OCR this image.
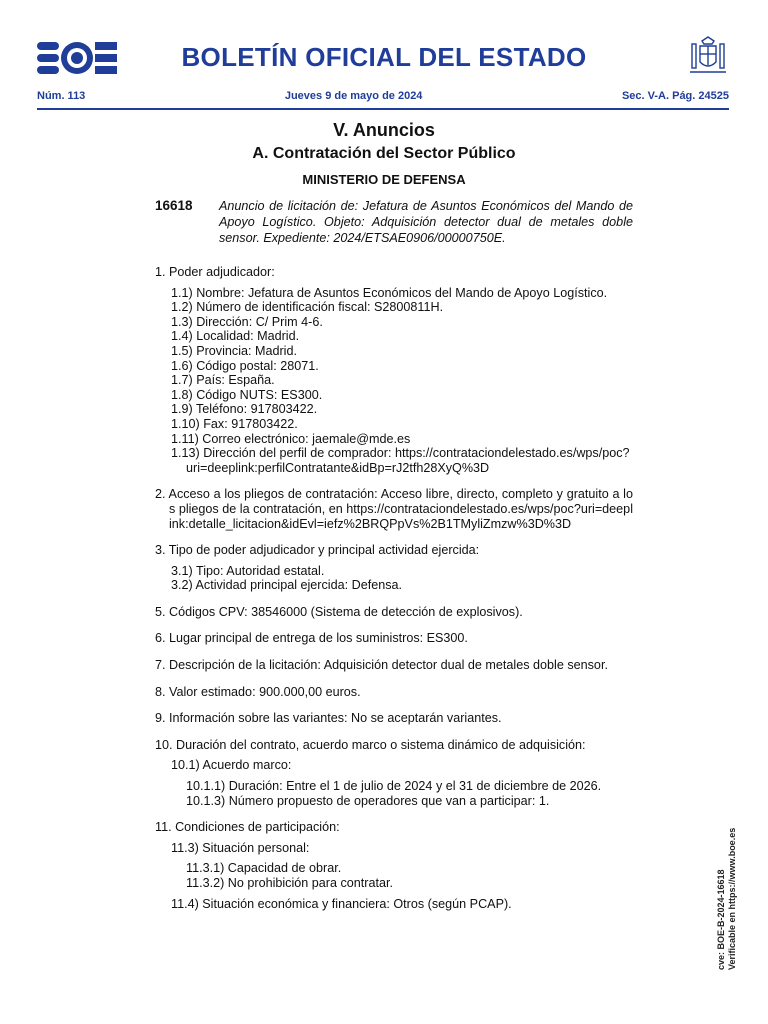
BOLETÍN OFICIAL DEL ESTADO
Núm. 113	Jueves 9 de mayo de 2024	Sec. V-A. Pág. 24525
V. Anuncios
A. Contratación del Sector Público
MINISTERIO DE DEFENSA
16618 Anuncio de licitación de: Jefatura de Asuntos Económicos del Mando de Apoyo Logístico. Objeto: Adquisición detector dual de metales doble sensor. Expediente: 2024/ETSAE0906/00000750E.
1. Poder adjudicador:
1.1) Nombre: Jefatura de Asuntos Económicos del Mando de Apoyo Logístico.
1.2) Número de identificación fiscal: S2800811H.
1.3) Dirección: C/ Prim 4-6.
1.4) Localidad: Madrid.
1.5) Provincia: Madrid.
1.6) Código postal: 28071.
1.7) País: España.
1.8) Código NUTS: ES300.
1.9) Teléfono: 917803422.
1.10) Fax: 917803422.
1.11) Correo electrónico: jaemale@mde.es
1.13) Dirección del perfil de comprador: https://contrataciondelestado.es/wps/poc?uri=deeplink:perfilContratante&idBp=rJ2tfh28XyQ%3D
2. Acceso a los pliegos de contratación: Acceso libre, directo, completo y gratuito a los pliegos de la contratación, en https://contrataciondelestado.es/wps/poc?uri=deeplink:detalle_licitacion&idEvl=iefz%2BRQPpVs%2B1TMyliZmzw%3D%3D
3. Tipo de poder adjudicador y principal actividad ejercida:
3.1) Tipo: Autoridad estatal.
3.2) Actividad principal ejercida: Defensa.
5. Códigos CPV: 38546000 (Sistema de detección de explosivos).
6. Lugar principal de entrega de los suministros: ES300.
7. Descripción de la licitación: Adquisición detector dual de metales doble sensor.
8. Valor estimado: 900.000,00 euros.
9. Información sobre las variantes: No se aceptarán variantes.
10. Duración del contrato, acuerdo marco o sistema dinámico de adquisición:
10.1) Acuerdo marco:
10.1.1) Duración: Entre el 1 de julio de 2024 y el 31 de diciembre de 2026.
10.1.3) Número propuesto de operadores que van a participar: 1.
11. Condiciones de participación:
11.3) Situación personal:
11.3.1) Capacidad de obrar.
11.3.2) No prohibición para contratar.
11.4) Situación económica y financiera: Otros (según PCAP).	cve: BOE-B-2024-16618 Verificable en https://www.boe.es
